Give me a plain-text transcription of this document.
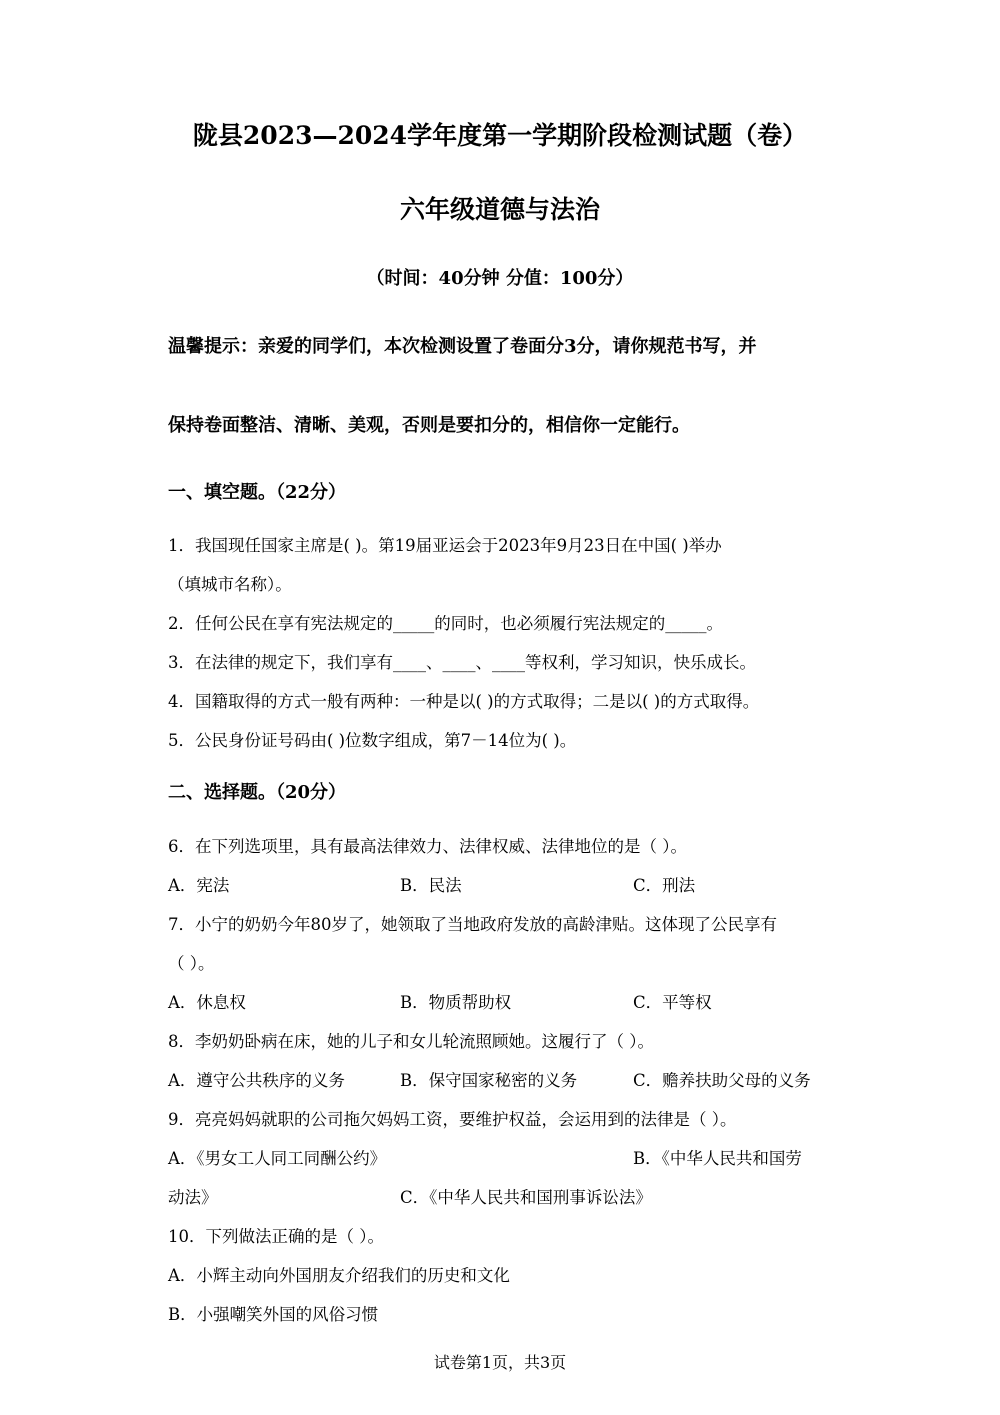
陇县2023—2024学年度第一学期阶段检测试题（卷）
六年级道德与法治
（时间：40分钟 分值：100分）
温馨提示：亲爱的同学们，本次检测设置了卷面分3分，请你规范书写，并
保持卷面整洁、清晰、美观，否则是要扣分的，相信你一定能行。
一、填空题。（22分）
1．我国现任国家主席是( )。第19届亚运会于2023年9月23日在中国( )举办
（填城市名称）。
2．任何公民在享有宪法规定的_____的同时，也必须履行宪法规定的_____。
3．在法律的规定下，我们享有____、____、____等权利，学习知识，快乐成长。
4．国籍取得的方式一般有两种：一种是以( )的方式取得；二是以( )的方式取得。
5．公民身份证号码由( )位数字组成，第7－14位为( )。
二、选择题。（20分）
6．在下列选项里，具有最高法律效力、法律权威、法律地位的是（ ）。
A．宪法	B．民法	C．刑法
7．小宁的奶奶今年80岁了，她领取了当地政府发放的高龄津贴。这体现了公民享有
（ ）。
A．休息权	B．物质帮助权	C．平等权
8．李奶奶卧病在床，她的儿子和女儿轮流照顾她。这履行了（ ）。
A．遵守公共秩序的义务	B．保守国家秘密的义务	C．赡养扶助父母的义务
9．亮亮妈妈就职的公司拖欠妈妈工资，要维护权益，会运用到的法律是（ ）。
A．《男女工人同工同酬公约》	B．《中华人民共和国劳
动法》	C．《中华人民共和国刑事诉讼法》
10．下列做法正确的是（ ）。
A．小辉主动向外国朋友介绍我们的历史和文化
B．小强嘲笑外国的风俗习惯
试卷第1页，共3页
